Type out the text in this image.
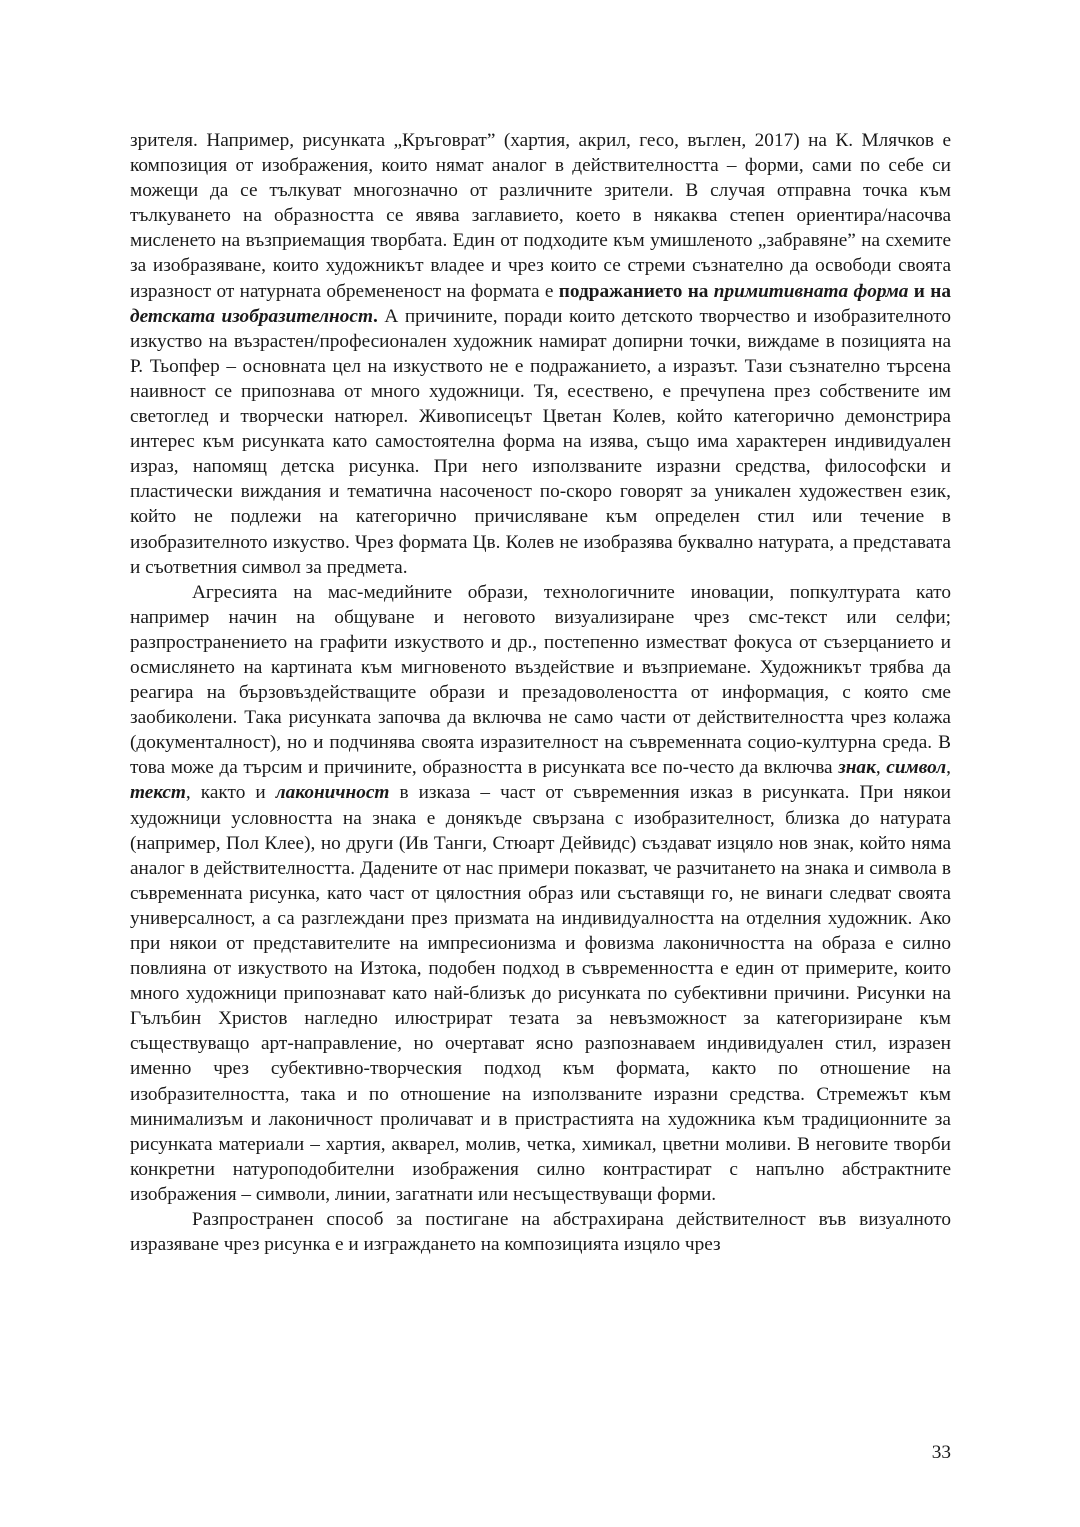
зрителя. Например, рисунката „Кръговрат” (хартия, акрил, гесо, въглен, 2017) на К. Млячков е композиция от изображения, които нямат аналог в действителността – форми, сами по себе си можещи да се тълкуват многозначно от различните зрители. В случая отправна точка към тълкуването на образността се явява заглавието, което в някаква степен ориентира/насочва мисленето на възприемащия творбата. Един от подходите към умишленото „забравяне” на схемите за изобразяване, които художникът владее и чрез които се стреми съзнателно да освободи своята изразност от натурната обремененост на формата е подражанието на примитивната форма и на детската изобразителност. А причините, поради които детското творчество и изобразителното изкуство на възрастен/професионален художник намират допирни точки, виждаме в позицията на Р. Тьопфер – основната цел на изкуството не е подражанието, а изразът. Тази съзнателно търсена наивност се припознава от много художници. Тя, есествено, е пречупена през собствените им светоглед и творчески натюрел. Живописецът Цветан Колев, който категорично демонстрира интерес към рисунката като самостоятелна форма на изява, също има характерен индивидуален израз, напомящ детска рисунка. При него използваните изразни средства, философски и пластически виждания и тематична насоченост по-скоро говорят за уникален художествен език, който не подлежи на категорично причисляване към определен стил или течение в изобразителното изкуство. Чрез формата Цв. Колев не изобразява буквално натурата, а представата и съответния символ за предмета.

Агресията на мас-медийните образи, технологичните иновации, попкултурата като например начин на общуване и неговото визуализиране чрез смс-текст или селфи; разпространението на графити изкуството и др., постепенно изместват фокуса от съзерцанието и осмислянето на картината към мигновеното въздействие и възприемане. Художникът трябва да реагира на бързовъздействащите образи и презадоволеността от информация, с която сме заобиколени. Така рисунката започва да включва не само части от действителността чрез колажа (документалност), но и подчинява своята изразителност на съвременната социо-културна среда. В това може да търсим и причините, образността в рисунката все по-често да включва знак, символ, текст, както и лаконичност в изказа – част от съвременния изказ в рисунката. При някои художници условността на знака е донякъде свързана с изобразителност, близка до натурата (например, Пол Клее), но други (Ив Танги, Стюарт Дейвидс) създават изцяло нов знак, който няма аналог в действителността. Дадените от нас примери показват, че разчитането на знака и символа в съвременната рисунка, като част от цялостния образ или съставящи го, не винаги следват своята универсалност, а са разглеждани през призмата на индивидуалността на отделния художник. Ако при някои от представителите на импресионизма и фовизма лаконичността на образа е силно повлияна от изкуството на Изтока, подобен подход в съвременността е един от примерите, които много художници припознават като най-близък до рисунката по субективни причини. Рисунки на Гълъбин Христов нагледно илюстрират тезата за невъзможност за категоризиране към съществуващо арт-направление, но очертават ясно разпознаваем индивидуален стил, изразен именно чрез субективно-творческия подход към формата, както по отношение на изобразителността, така и по отношение на използваните изразни средства. Стремежът към минимализъм и лаконичност проличават и в пристрастията на художника към традиционните за рисунката материали – хартия, акварел, молив, четка, химикал, цветни моливи. В неговите творби конкретни натуроподобителни изображения силно контрастират с напълно абстрактните изображения – символи, линии, загатнати или несъществуващи форми.

Разпространен способ за постигане на абстрахирана действителност във визуалното изразяване чрез рисунка е и изграждането на композицията изцяло чрез

33
